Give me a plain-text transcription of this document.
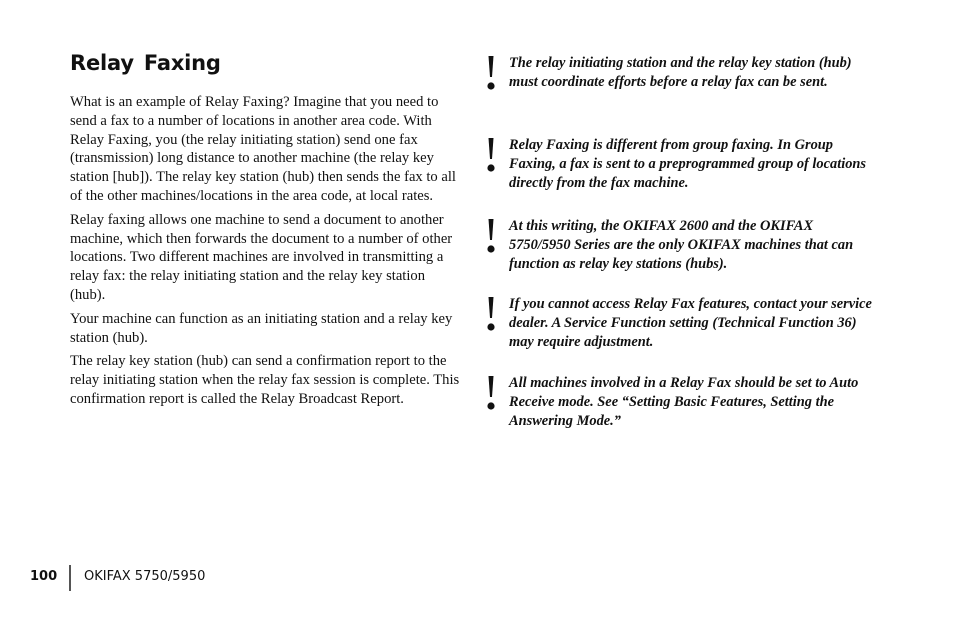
Relay Faxing

What is an example of Relay Faxing? Imagine that you need to send a fax to a number of locations in another area code. With Relay Faxing, you (the relay initiating station) send one fax (transmission) long distance to another machine (the relay key station [hub]). The relay key station (hub) then sends the fax to all of the other machines/locations in the area code, at local rates.

Relay faxing allows one machine to send a document to another machine, which then forwards the document to a number of other locations. Two different machines are involved in transmitting a relay fax: the relay initiating station and the relay key station (hub).

Your machine can function as an initiating station and a relay key station (hub).

The relay key station (hub) can send a confirmation report to the relay initiating station when the relay fax session is complete. This confirmation report is called the Relay Broadcast Report.

The relay initiating station and the relay key station (hub) must coordinate efforts before a relay fax can be sent.

Relay Faxing is different from group faxing. In Group Faxing, a fax is sent to a preprogrammed group of locations directly from the fax machine.

At this writing, the OKIFAX 2600 and the OKIFAX 5750/5950 Series are the only OKIFAX machines that can function as relay key stations (hubs).

If you cannot access Relay Fax features, contact your service dealer. A Service Function setting (Technical Function 36) may require adjustment.

All machines involved in a Relay Fax should be set to Auto Receive mode. See “Setting Basic Features, Setting the Answering Mode.”

100 OKIFAX 5750/5950
